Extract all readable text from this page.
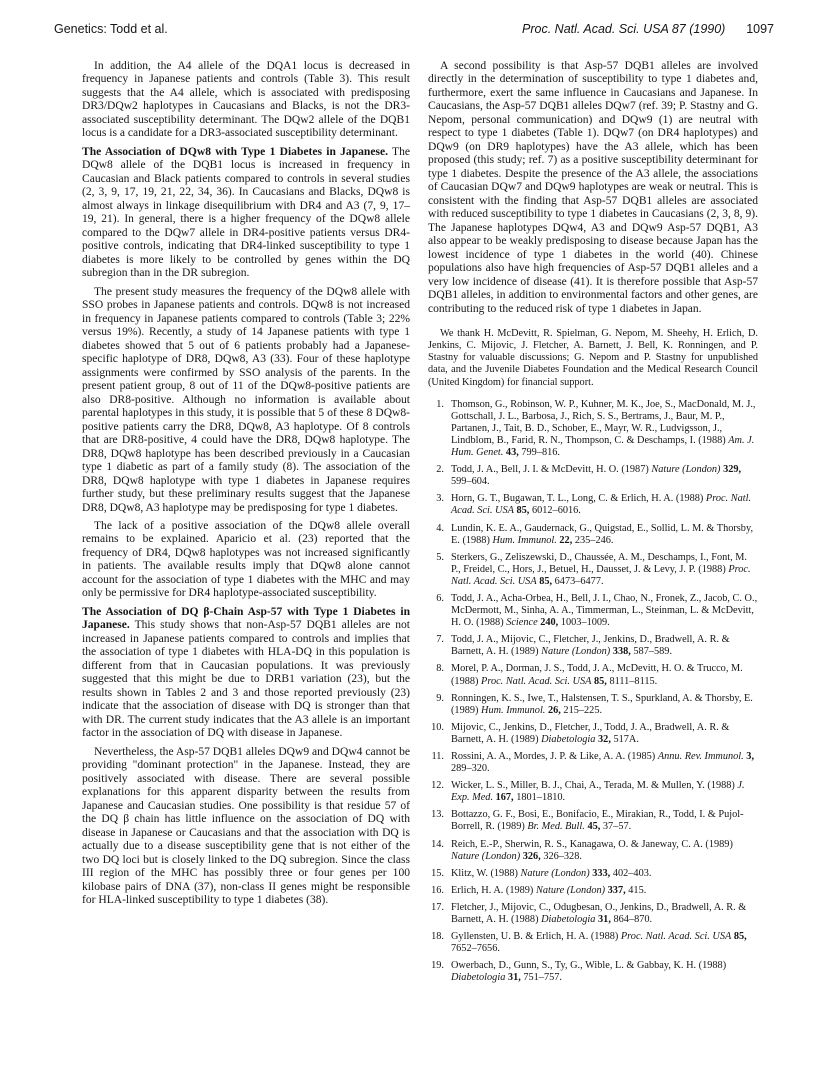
Genetics: Todd et al.	Proc. Natl. Acad. Sci. USA 87 (1990) 1097

In addition, the A4 allele of the DQA1 locus is decreased in frequency in Japanese patients and controls (Table 3). This result suggests that the A4 allele, which is associated with predisposing DR3/DQw2 haplotypes in Caucasians and Blacks, is not the DR3-associated susceptibility determinant. The DQw2 allele of the DQB1 locus is a candidate for a DR3-associated susceptibility determinant.

The Association of DQw8 with Type 1 Diabetes in Japanese. The DQw8 allele of the DQB1 locus is increased in frequency in Caucasian and Black patients compared to controls in several studies (2, 3, 9, 17, 19, 21, 22, 34, 36). In Caucasians and Blacks, DQw8 is almost always in linkage disequilibrium with DR4 and A3 (7, 9, 17–19, 21). In general, there is a higher frequency of the DQw8 allele compared to the DQw7 allele in DR4-positive patients versus DR4-positive controls, indicating that DR4-linked susceptibility to type 1 diabetes is more likely to be controlled by genes within the DQ subregion than in the DR subregion.

The present study measures the frequency of the DQw8 allele with SSO probes in Japanese patients and controls. DQw8 is not increased in frequency in Japanese patients compared to controls (Table 3; 22% versus 19%). Recently, a study of 14 Japanese patients with type 1 diabetes showed that 5 out of 6 patients probably had a Japanese-specific haplotype of DR8, DQw8, A3 (33). Four of these haplotype assignments were confirmed by SSO analysis of the parents. In the present patient group, 8 out of 11 of the DQw8-positive patients are also DR8-positive. Although no information is available about parental haplotypes in this study, it is possible that 5 of these 8 DQw8-positive patients carry the DR8, DQw8, A3 haplotype. Of 8 controls that are DR8-positive, 4 could have the DR8, DQw8 haplotype. The DR8, DQw8 haplotype has been described previously in a Caucasian type 1 diabetic as part of a family study (8). The association of the DR8, DQw8 haplotype with type 1 diabetes in Japanese requires further study, but these preliminary results suggest that the Japanese DR8, DQw8, A3 haplotype may be predisposing for type 1 diabetes.

The lack of a positive association of the DQw8 allele overall remains to be explained. Aparicio et al. (23) reported that the frequency of DR4, DQw8 haplotypes was not increased significantly in patients. The available results imply that DQw8 alone cannot account for the association of type 1 diabetes with the MHC and may only be permissive for DR4 haplotype-associated susceptibility.

The Association of DQ β-Chain Asp-57 with Type 1 Diabetes in Japanese. This study shows that non-Asp-57 DQB1 alleles are not increased in Japanese patients compared to controls and implies that the association of type 1 diabetes with HLA-DQ in this population is different from that in Caucasian populations. It was previously suggested that this might be due to DRB1 variation (23), but the results shown in Tables 2 and 3 and those reported previously (23) indicate that the association of disease with DQ is stronger than that with DR. The current study indicates that the A3 allele is an important factor in the association of DQ with disease in Japanese.

Nevertheless, the Asp-57 DQB1 alleles DQw9 and DQw4 cannot be providing "dominant protection" in the Japanese. Instead, they are positively associated with disease. There are several possible explanations for this apparent disparity between the results from Japanese and Caucasian studies. One possibility is that residue 57 of the DQ β chain has little influence on the association of DQ with disease in Japanese or Caucasians and that the association with DQ is actually due to a disease susceptibility gene that is not either of the two DQ loci but is closely linked to the DQ subregion. Since the class III region of the MHC has possibly three or four genes per 100 kilobase pairs of DNA (37), non-class II genes might be responsible for HLA-linked susceptibility to type 1 diabetes (38).

A second possibility is that Asp-57 DQB1 alleles are involved directly in the determination of susceptibility to type 1 diabetes and, furthermore, exert the same influence in Caucasians and Japanese. In Caucasians, the Asp-57 DQB1 alleles DQw7 (ref. 39; P. Stastny and G. Nepom, personal communication) and DQw9 (1) are neutral with respect to type 1 diabetes (Table 1). DQw7 (on DR4 haplotypes) and DQw9 (on DR9 haplotypes) have the A3 allele, which has been proposed (this study; ref. 7) as a positive susceptibility determinant for type 1 diabetes. Despite the presence of the A3 allele, the associations of Caucasian DQw7 and DQw9 haplotypes are weak or neutral. This is consistent with the finding that Asp-57 DQB1 alleles are associated with reduced susceptibility to type 1 diabetes in Caucasians (2, 3, 8, 9). The Japanese haplotypes DQw4, A3 and DQw9 Asp-57 DQB1, A3 also appear to be weakly predisposing to disease because Japan has the lowest incidence of type 1 diabetes in the world (40). Chinese populations also have high frequencies of Asp-57 DQB1 alleles and a very low incidence of disease (41). It is therefore possible that Asp-57 DQB1 alleles, in addition to environmental factors and other genes, are contributing to the reduced risk of type 1 diabetes in Japan.

We thank H. McDevitt, R. Spielman, G. Nepom, M. Sheehy, H. Erlich, D. Jenkins, C. Mijovic, J. Fletcher, A. Barnett, J. Bell, K. Ronningen, and P. Stastny for valuable discussions; G. Nepom and P. Stastny for unpublished data, and the Juvenile Diabetes Foundation and the Medical Research Council (United Kingdom) for financial support.

1. Thomson, G., Robinson, W. P., Kuhner, M. K., Joe, S., MacDonald, M. J., Gottschall, J. L., Barbosa, J., Rich, S. S., Bertrams, J., Baur, M. P., Partanen, J., Tait, B. D., Schober, E., Mayr, W. R., Ludvigsson, J., Lindblom, B., Farid, R. N., Thompson, C. & Deschamps, I. (1988) Am. J. Hum. Genet. 43, 799–816.
2. Todd, J. A., Bell, J. I. & McDevitt, H. O. (1987) Nature (London) 329, 599–604.
3. Horn, G. T., Bugawan, T. L., Long, C. & Erlich, H. A. (1988) Proc. Natl. Acad. Sci. USA 85, 6012–6016.
4. Lundin, K. E. A., Gaudernack, G., Quigstad, E., Sollid, L. M. & Thorsby, E. (1988) Hum. Immunol. 22, 235–246.
5. Sterkers, G., Zeliszewski, D., Chaussée, A. M., Deschamps, I., Font, M. P., Freidel, C., Hors, J., Betuel, H., Dausset, J. & Levy, J. P. (1988) Proc. Natl. Acad. Sci. USA 85, 6473–6477.
6. Todd, J. A., Acha-Orbea, H., Bell, J. I., Chao, N., Fronek, Z., Jacob, C. O., McDermott, M., Sinha, A. A., Timmerman, L., Steinman, L. & McDevitt, H. O. (1988) Science 240, 1003–1009.
7. Todd, J. A., Mijovic, C., Fletcher, J., Jenkins, D., Bradwell, A. R. & Barnett, A. H. (1989) Nature (London) 338, 587–589.
8. Morel, P. A., Dorman, J. S., Todd, J. A., McDevitt, H. O. & Trucco, M. (1988) Proc. Natl. Acad. Sci. USA 85, 8111–8115.
9. Ronningen, K. S., Iwe, T., Halstensen, T. S., Spurkland, A. & Thorsby, E. (1989) Hum. Immunol. 26, 215–225.
10. Mijovic, C., Jenkins, D., Fletcher, J., Todd, J. A., Bradwell, A. R. & Barnett, A. H. (1989) Diabetologia 32, 517A.
11. Rossini, A. A., Mordes, J. P. & Like, A. A. (1985) Annu. Rev. Immunol. 3, 289–320.
12. Wicker, L. S., Miller, B. J., Chai, A., Terada, M. & Mullen, Y. (1988) J. Exp. Med. 167, 1801–1810.
13. Bottazzo, G. F., Bosi, E., Bonifacio, E., Mirakian, R., Todd, I. & Pujol-Borrell, R. (1989) Br. Med. Bull. 45, 37–57.
14. Reich, E.-P., Sherwin, R. S., Kanagawa, O. & Janeway, C. A. (1989) Nature (London) 326, 326–328.
15. Klitz, W. (1988) Nature (London) 333, 402–403.
16. Erlich, H. A. (1989) Nature (London) 337, 415.
17. Fletcher, J., Mijovic, C., Odugbesan, O., Jenkins, D., Bradwell, A. R. & Barnett, A. H. (1988) Diabetologia 31, 864–870.
18. Gyllensten, U. B. & Erlich, H. A. (1988) Proc. Natl. Acad. Sci. USA 85, 7652–7656.
19. Owerbach, D., Gunn, S., Ty, G., Wible, L. & Gabbay, K. H. (1988) Diabetologia 31, 751–757.
